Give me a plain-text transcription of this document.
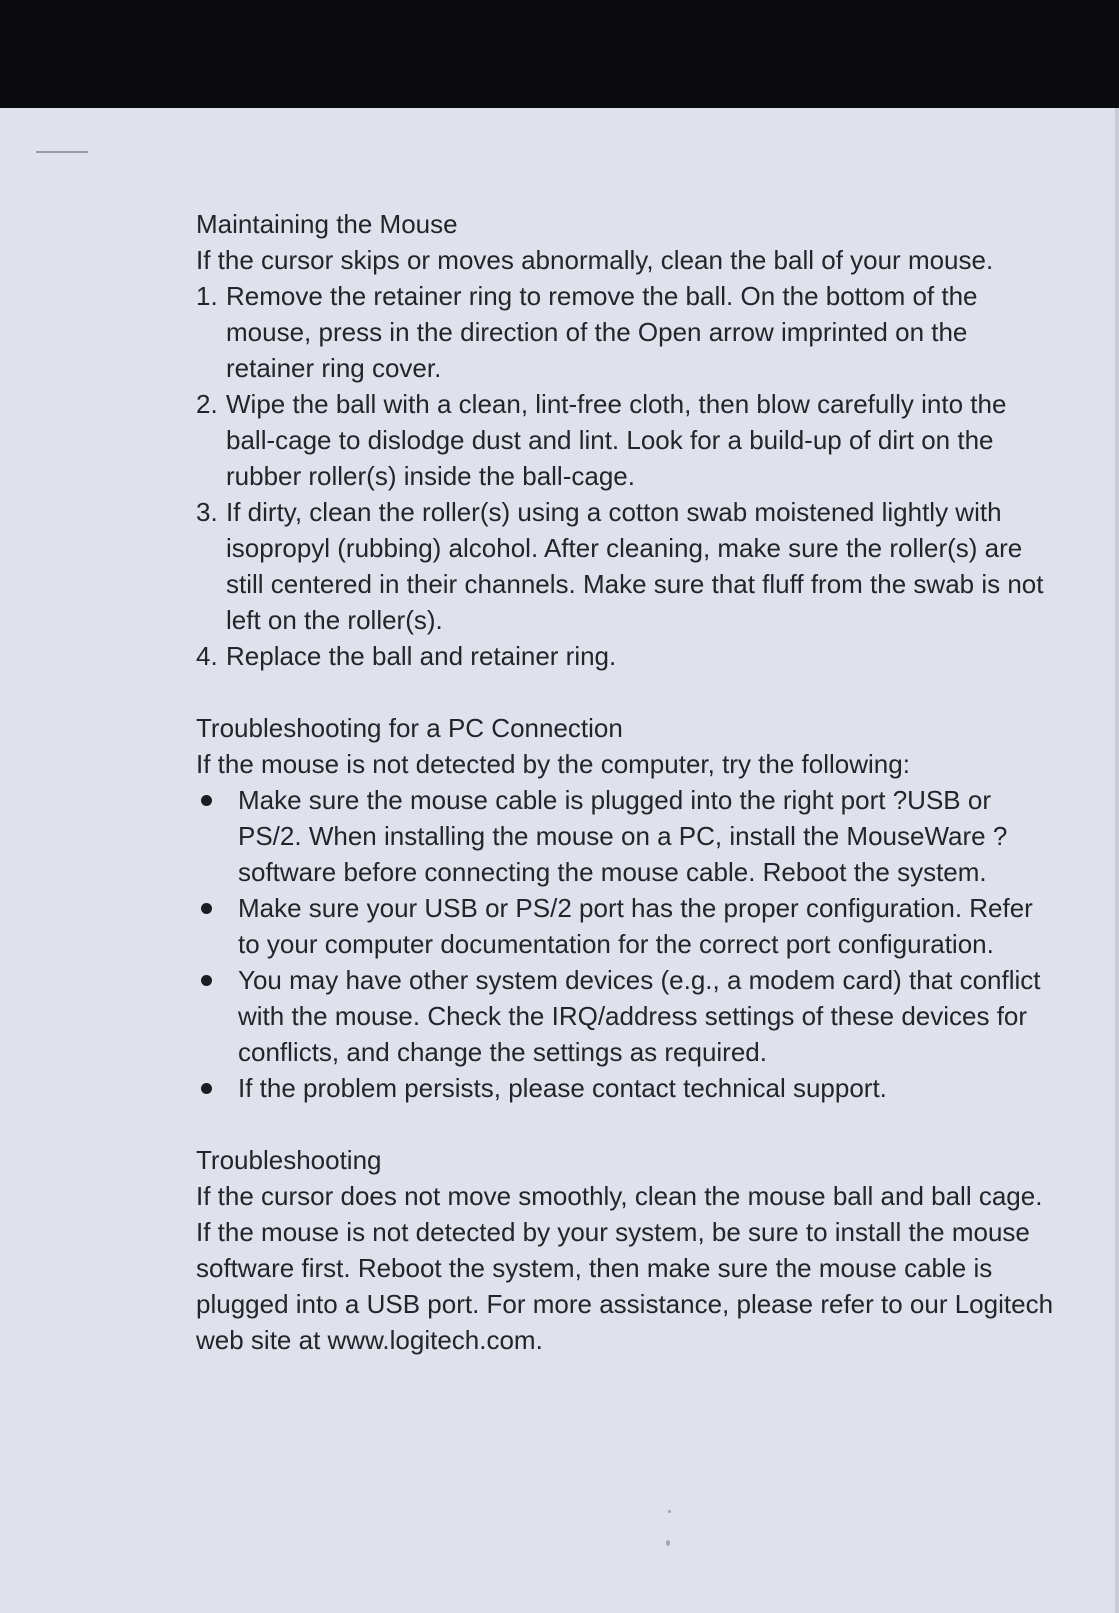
Maintaining the Mouse

If the cursor skips or moves abnormally, clean the ball of your mouse.

1. Remove the retainer ring to remove the ball. On the bottom of the mouse, press in the direction of the Open arrow imprinted on the retainer ring cover.
2. Wipe the ball with a clean, lint-free cloth, then blow carefully into the ball-cage to dislodge dust and lint. Look for a build-up of dirt on the rubber roller(s) inside the ball-cage.
3. If dirty, clean the roller(s) using a cotton swab moistened lightly with isopropyl (rubbing) alcohol. After cleaning, make sure the roller(s) are still centered in their channels. Make sure that fluff from the swab is not left on the roller(s).
4. Replace the ball and retainer ring.
Troubleshooting for a PC Connection

If the mouse is not detected by the computer, try the following:

Make sure the mouse cable is plugged into the right port ?USB or PS/2. When installing the mouse on a PC, install the MouseWare ?software before connecting the mouse cable. Reboot the system.
Make sure your USB or PS/2 port has the proper configuration. Refer to your computer documentation for the correct port configuration.
You may have other system devices (e.g., a modem card) that conflict with the mouse. Check the IRQ/address settings of these devices for conflicts, and change the settings as required.
If the problem persists, please contact technical support.
Troubleshooting

If the cursor does not move smoothly, clean the mouse ball and ball cage. If the mouse is not detected by your system, be sure to install the mouse software first. Reboot the system, then make sure the mouse cable is plugged into a USB port. For more assistance, please refer to our Logitech web site at www.logitech.com.
